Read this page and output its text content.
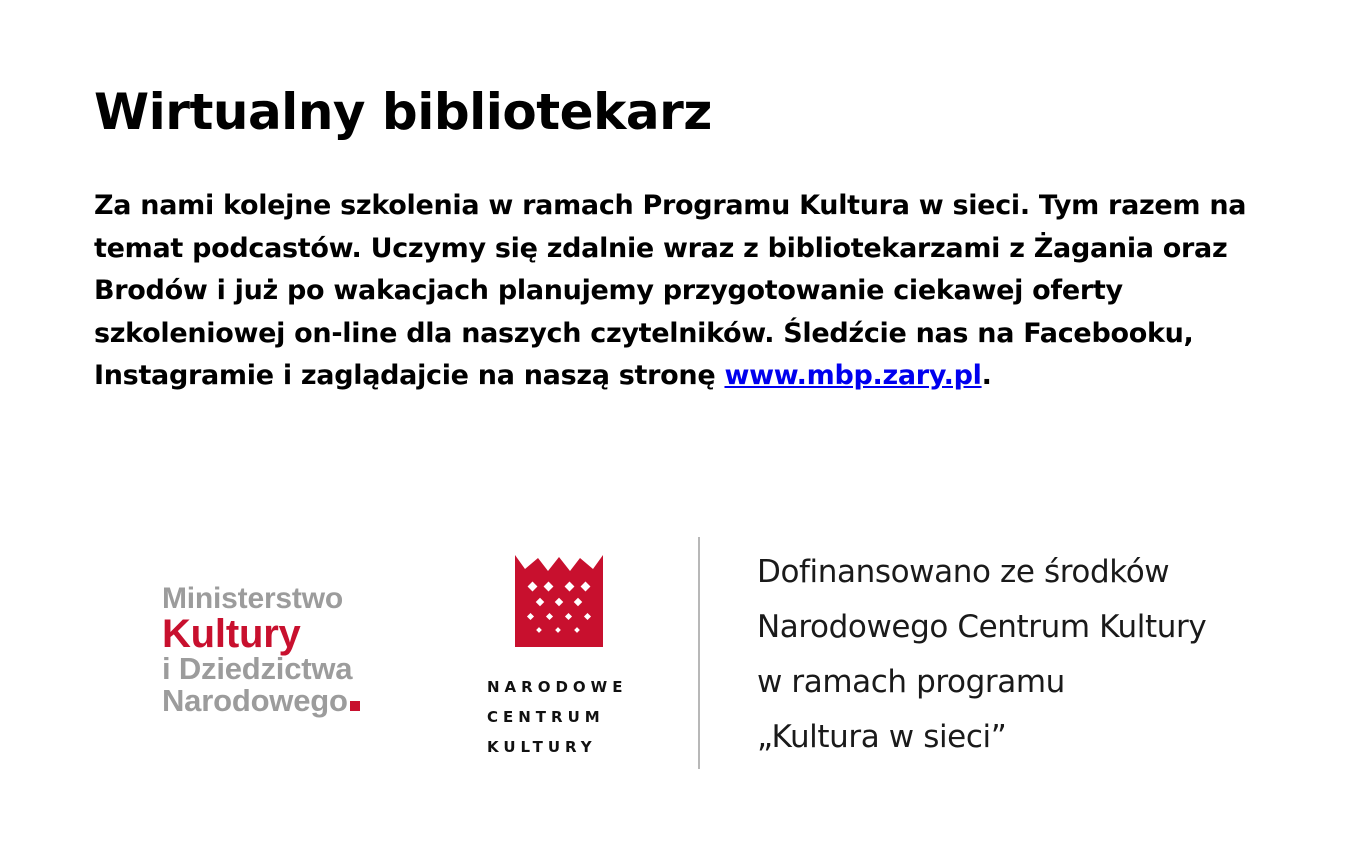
Wirtualny bibliotekarz

Za nami kolejne szkolenia w ramach Programu Kultura w sieci. Tym razem na temat podcastów. Uczymy się zdalnie wraz z bibliotekarzami z Żagania oraz Brodów i już po wakacjach planujemy przygotowanie ciekawej oferty szkoleniowej on-line dla naszych czytelników. Śledźcie nas na Facebooku, Instagramie i zaglądajcie na naszą stronę www.mbp.zary.pl.

Ministerstwo
Kultury
i Dziedzictwa
Narodowego	NARODOWE
CENTRUM
KULTURY
Dofinansowano ze środków
Narodowego Centrum Kultury
w ramach programu
„Kultura w sieci”
